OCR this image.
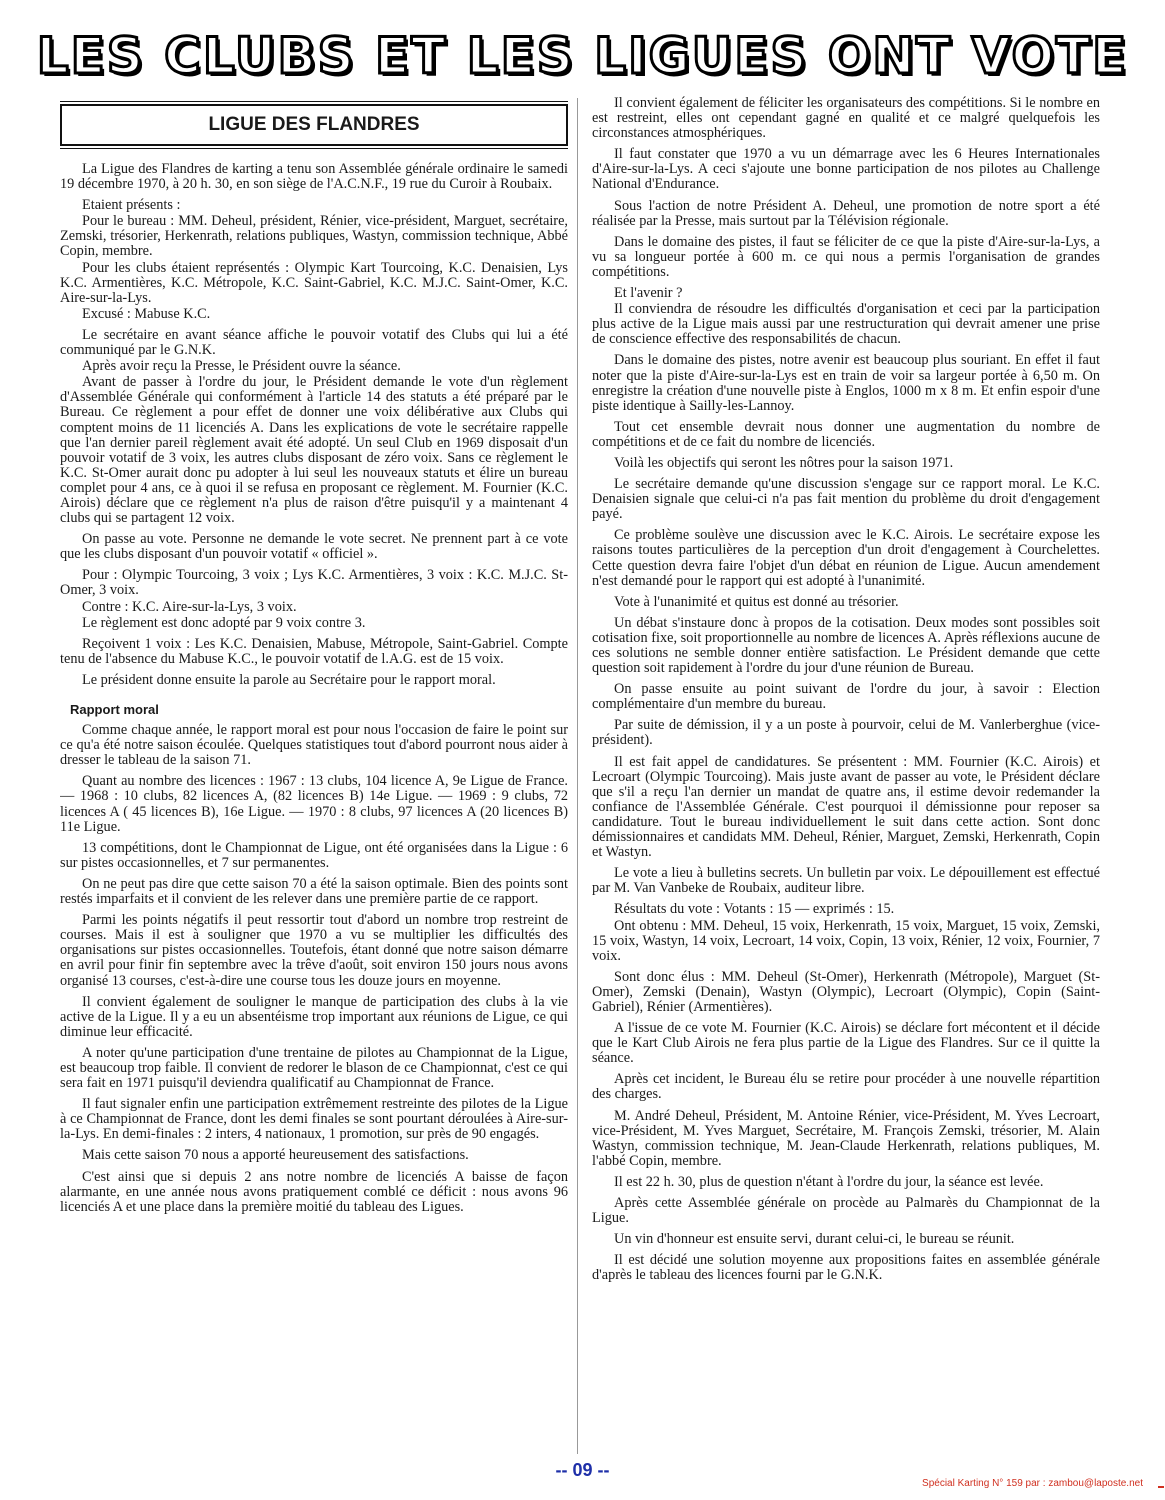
LES CLUBS ET LES LIGUES ONT VOTE
LIGUE DES FLANDRES

La Ligue des Flandres de karting a tenu son Assemblée générale ordinaire le samedi 19 décembre 1970, à 20 h. 30, en son siège de l'A.C.N.F., 19 rue du Curoir à Roubaix.

Etaient présents :

Pour le bureau : MM. Deheul, président, Rénier, vice-président, Marguet, secrétaire, Zemski, trésorier, Herkenrath, relations publiques, Wastyn, commission technique, Abbé Copin, membre.

Pour les clubs étaient représentés : Olympic Kart Tourcoing, K.C. Denaisien, Lys K.C. Armentières, K.C. Métropole, K.C. Saint-Gabriel, K.C. M.J.C. Saint-Omer, K.C. Aire-sur-la-Lys.

Excusé : Mabuse K.C.

Le secrétaire en avant séance affiche le pouvoir votatif des Clubs qui lui a été communiqué par le G.N.K.

Après avoir reçu la Presse, le Président ouvre la séance.

Avant de passer à l'ordre du jour, le Président demande le vote d'un règlement d'Assemblée Générale qui conformément à l'article 14 des statuts a été préparé par le Bureau. Ce règlement a pour effet de donner une voix délibérative aux Clubs qui comptent moins de 11 licenciés A. Dans les explications de vote le secrétaire rappelle que l'an dernier pareil règlement avait été adopté. Un seul Club en 1969 disposait d'un pouvoir votatif de 3 voix, les autres clubs disposant de zéro voix. Sans ce règlement le K.C. St-Omer aurait donc pu adopter à lui seul les nouveaux statuts et élire un bureau complet pour 4 ans, ce à quoi il se refusa en proposant ce règlement. M. Fournier (K.C. Airois) déclare que ce règlement n'a plus de raison d'être puisqu'il y a maintenant 4 clubs qui se partagent 12 voix.

On passe au vote. Personne ne demande le vote secret. Ne prennent part à ce vote que les clubs disposant d'un pouvoir votatif « officiel ».

Pour : Olympic Tourcoing, 3 voix ; Lys K.C. Armentières, 3 voix : K.C. M.J.C. St-Omer, 3 voix.

Contre : K.C. Aire-sur-la-Lys, 3 voix.

Le règlement est donc adopté par 9 voix contre 3.

Reçoivent 1 voix : Les K.C. Denaisien, Mabuse, Métropole, Saint-Gabriel. Compte tenu de l'absence du Mabuse K.C., le pouvoir votatif de l.A.G. est de 15 voix.

Le président donne ensuite la parole au Secrétaire pour le rapport moral.

Rapport moral

Comme chaque année, le rapport moral est pour nous l'occasion de faire le point sur ce qu'a été notre saison écoulée. Quelques statistiques tout d'abord pourront nous aider à dresser le tableau de la saison 71.

Quant au nombre des licences : 1967 : 13 clubs, 104 licence A, 9e Ligue de France. — 1968 : 10 clubs, 82 licences A, (82 licences B) 14e Ligue. — 1969 : 9 clubs, 72 licences A ( 45 licences B), 16e Ligue. — 1970 : 8 clubs, 97 licences A (20 licences B) 11e Ligue.

13 compétitions, dont le Championnat de Ligue, ont été organisées dans la Ligue : 6 sur pistes occasionnelles, et 7 sur permanentes.

On ne peut pas dire que cette saison 70 a été la saison optimale. Bien des points sont restés imparfaits et il convient de les relever dans une première partie de ce rapport.

Parmi les points négatifs il peut ressortir tout d'abord un nombre trop restreint de courses. Mais il est à souligner que 1970 a vu se multiplier les difficultés des organisations sur pistes occasionnelles. Toutefois, étant donné que notre saison démarre en avril pour finir fin septembre avec la trêve d'août, soit environ 150 jours nous avons organisé 13 courses, c'est-à-dire une course tous les douze jours en moyenne.

Il convient également de souligner le manque de participation des clubs à la vie active de la Ligue. Il y a eu un absentéisme trop important aux réunions de Ligue, ce qui diminue leur efficacité.

A noter qu'une participation d'une trentaine de pilotes au Championnat de la Ligue, est beaucoup trop faible. Il convient de redorer le blason de ce Championnat, c'est ce qui sera fait en 1971 puisqu'il deviendra qualificatif au Championnat de France.

Il faut signaler enfin une participation extrêmement restreinte des pilotes de la Ligue à ce Championnat de France, dont les demi finales se sont pourtant déroulées à Aire-sur-la-Lys. En demi-finales : 2 inters, 4 nationaux, 1 promotion, sur près de 90 engagés.

Mais cette saison 70 nous a apporté heureusement des satisfactions.

C'est ainsi que si depuis 2 ans notre nombre de licenciés A baisse de façon alarmante, en une année nous avons pratiquement comblé ce déficit : nous avons 96 licenciés A et une place dans la première moitié du tableau des Ligues.

Il convient également de féliciter les organisateurs des compétitions. Si le nombre en est restreint, elles ont cependant gagné en qualité et ce malgré quelquefois les circonstances atmosphériques.

Il faut constater que 1970 a vu un démarrage avec les 6 Heures Internationales d'Aire-sur-la-Lys. A ceci s'ajoute une bonne participation de nos pilotes au Challenge National d'Endurance.

Sous l'action de notre Président A. Deheul, une promotion de notre sport a été réalisée par la Presse, mais surtout par la Télévision régionale.

Dans le domaine des pistes, il faut se féliciter de ce que la piste d'Aire-sur-la-Lys, a vu sa longueur portée à 600 m. ce qui nous a permis l'organisation de grandes compétitions.

Et l'avenir ?

Il conviendra de résoudre les difficultés d'organisation et ceci par la participation plus active de la Ligue mais aussi par une restructuration qui devrait amener une prise de conscience effective des responsabilités de chacun.

Dans le domaine des pistes, notre avenir est beaucoup plus souriant. En effet il faut noter que la piste d'Aire-sur-la-Lys est en train de voir sa largeur portée à 6,50 m. On enregistre la création d'une nouvelle piste à Englos, 1000 m x 8 m. Et enfin espoir d'une piste identique à Sailly-les-Lannoy.

Tout cet ensemble devrait nous donner une augmentation du nombre de compétitions et de ce fait du nombre de licenciés.

Voilà les objectifs qui seront les nôtres pour la saison 1971.

Le secrétaire demande qu'une discussion s'engage sur ce rapport moral. Le K.C. Denaisien signale que celui-ci n'a pas fait mention du problème du droit d'engagement payé.

Ce problème soulève une discussion avec le K.C. Airois. Le secrétaire expose les raisons toutes particulières de la perception d'un droit d'engagement à Courchelettes. Cette question devra faire l'objet d'un débat en réunion de Ligue. Aucun amendement n'est demandé pour le rapport qui est adopté à l'unanimité.

Vote à l'unanimité et quitus est donné au trésorier.

Un débat s'instaure donc à propos de la cotisation. Deux modes sont possibles soit cotisation fixe, soit proportionnelle au nombre de licences A. Après réflexions aucune de ces solutions ne semble donner entière satisfaction. Le Président demande que cette question soit rapidement à l'ordre du jour d'une réunion de Bureau.

On passe ensuite au point suivant de l'ordre du jour, à savoir : Election complémentaire d'un membre du bureau.

Par suite de démission, il y a un poste à pourvoir, celui de M. Vanlerberghue (vice-président).

Il est fait appel de candidatures. Se présentent : MM. Fournier (K.C. Airois) et Lecroart (Olympic Tourcoing). Mais juste avant de passer au vote, le Président déclare que s'il a reçu l'an dernier un mandat de quatre ans, il estime devoir redemander la confiance de l'Assemblée Générale. C'est pourquoi il démissionne pour reposer sa candidature. Tout le bureau individuellement le suit dans cette action. Sont donc démissionnaires et candidats MM. Deheul, Rénier, Marguet, Zemski, Herkenrath, Copin et Wastyn.

Le vote a lieu à bulletins secrets. Un bulletin par voix. Le dépouillement est effectué par M. Van Vanbeke de Roubaix, auditeur libre.

Résultats du vote : Votants : 15 — exprimés : 15.

Ont obtenu : MM. Deheul, 15 voix, Herkenrath, 15 voix, Marguet, 15 voix, Zemski, 15 voix, Wastyn, 14 voix, Lecroart, 14 voix, Copin, 13 voix, Rénier, 12 voix, Fournier, 7 voix.

Sont donc élus : MM. Deheul (St-Omer), Herkenrath (Métropole), Marguet (St-Omer), Zemski (Denain), Wastyn (Olympic), Lecroart (Olympic), Copin (Saint-Gabriel), Rénier (Armentières).

A l'issue de ce vote M. Fournier (K.C. Airois) se déclare fort mécontent et il décide que le Kart Club Airois ne fera plus partie de la Ligue des Flandres. Sur ce il quitte la séance.

Après cet incident, le Bureau élu se retire pour procéder à une nouvelle répartition des charges.

M. André Deheul, Président, M. Antoine Rénier, vice-Président, M. Yves Lecroart, vice-Président, M. Yves Marguet, Secrétaire, M. François Zemski, trésorier, M. Alain Wastyn, commission technique, M. Jean-Claude Herkenrath, relations publiques, M. l'abbé Copin, membre.

Il est 22 h. 30, plus de question n'étant à l'ordre du jour, la séance est levée.

Après cette Assemblée générale on procède au Palmarès du Championnat de la Ligue.

Un vin d'honneur est ensuite servi, durant celui-ci, le bureau se réunit.

Il est décidé une solution moyenne aux propositions faites en assemblée générale d'après le tableau des licences fourni par le G.N.K.

-- 09 --
Spécial Karting N° 159 par : zambou@laposte.net
